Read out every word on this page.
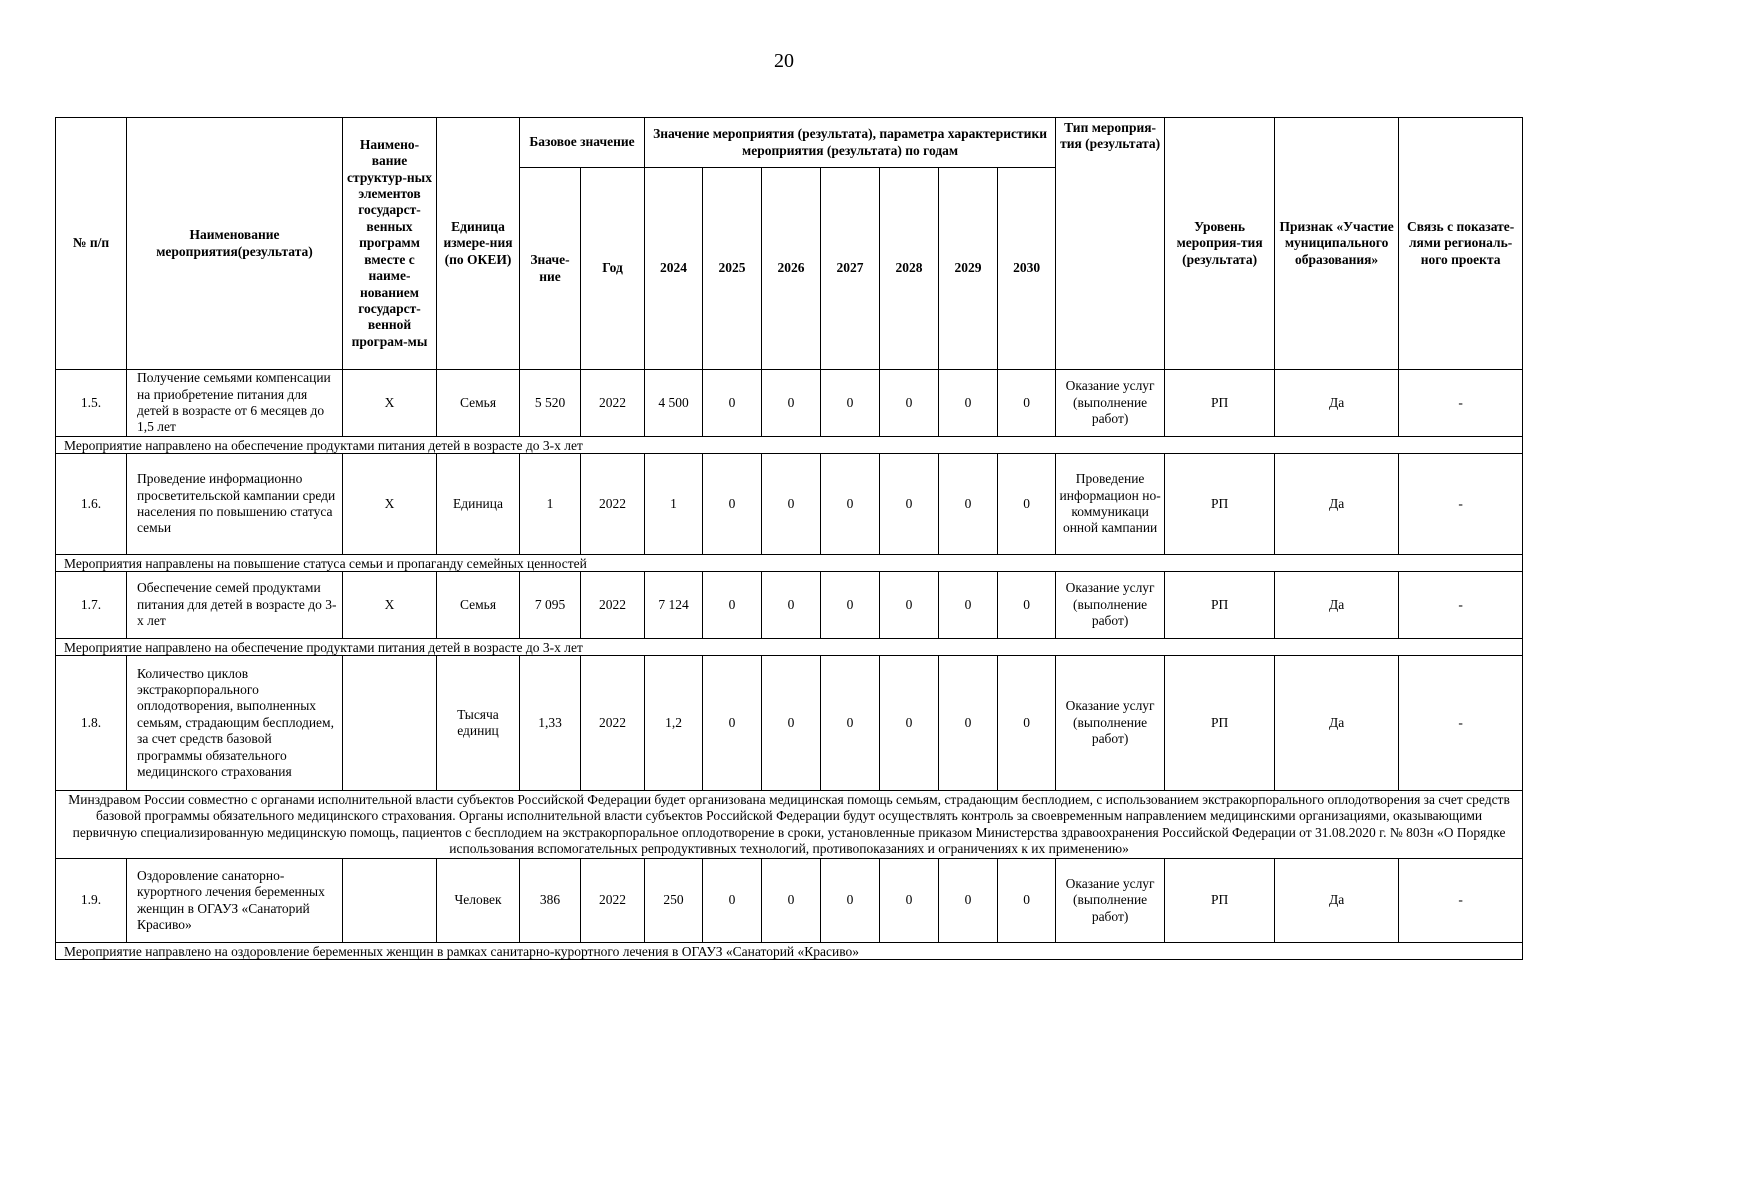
20
№ п/п	Наименование мероприятия(результата)	Наимено-вание структур-ных элементов государст-венных программ вместе с наиме-нованием государст-венной програм-мы	Единица измере-ния (по ОКЕИ)	Базовое значение		Значение мероприятия (результата), параметра характеристики мероприятия (результата) по годам							Тип мероприя-тия (результата)	Уровень мероприя-тия (результата)	Признак «Участие муниципального образования»	Связь с показате-лями региональ-ного проекта
				Значе-ние	Год	2024	2025	2026	2027	2028	2029	2030				
1.5.	Получение семьями компенсации на приобретение питания для детей в возрасте от 6 месяцев до 1,5 лет	Х	Семья	5 520	2022	4 500	0	0	0	0	0	0	Оказание услуг (выполнение работ)	РП	Да	-
Мероприятие направлено на обеспечение продуктами питания детей в возрасте до 3-х лет																
1.6.	Проведение информационно просветительской кампании среди населения по повышению статуса семьи	Х	Единица	1	2022	1	0	0	0	0	0	0	Проведение информацион но-коммуникаци онной кампании	РП	Да	-
Мероприятия направлены на повышение статуса семьи и пропаганду семейных ценностей																
1.7.	Обеспечение семей продуктами питания для детей в возрасте до 3-х лет	Х	Семья	7 095	2022	7 124	0	0	0	0	0	0	Оказание услуг (выполнение работ)	РП	Да	-
Мероприятие направлено на обеспечение продуктами питания детей в возрасте до 3-х лет																
1.8.	Количество циклов экстракорпорального оплодотворения, выполненных семьям, страдающим бесплодием, за счет средств базовой программы обязательного медицинского страхования		Тысяча единиц	1,33	2022	1,2	0	0	0	0	0	0	Оказание услуг (выполнение работ)	РП	Да	-
Минздравом России совместно с органами исполнительной власти субъектов Российской Федерации будет организована медицинская помощь семьям, страдающим бесплодием, с использованием экстракорпорального оплодотворения за счет средств базовой программы обязательного медицинского страхования. Органы исполнительной власти субъектов Российской Федерации будут осуществлять контроль за своевременным направлением медицинскими организациями, оказывающими первичную специализированную медицинскую помощь, пациентов с бесплодием на экстракорпоральное оплодотворение в сроки, установленные приказом Министерства здравоохранения Российской Федерации от 31.08.2020 г. № 803н «О Порядке использования вспомогательных репродуктивных технологий, противопоказаниях и ограничениях к их применению»																
1.9.	Оздоровление санаторно-курортного лечения беременных женщин в ОГАУЗ «Санаторий Красиво»		Человек	386	2022	250	0	0	0	0	0	0	Оказание услуг (выполнение работ)	РП	Да	-
Мероприятие направлено на оздоровление беременных женщин в рамках санитарно-курортного лечения в ОГАУЗ «Санаторий «Красиво»																
